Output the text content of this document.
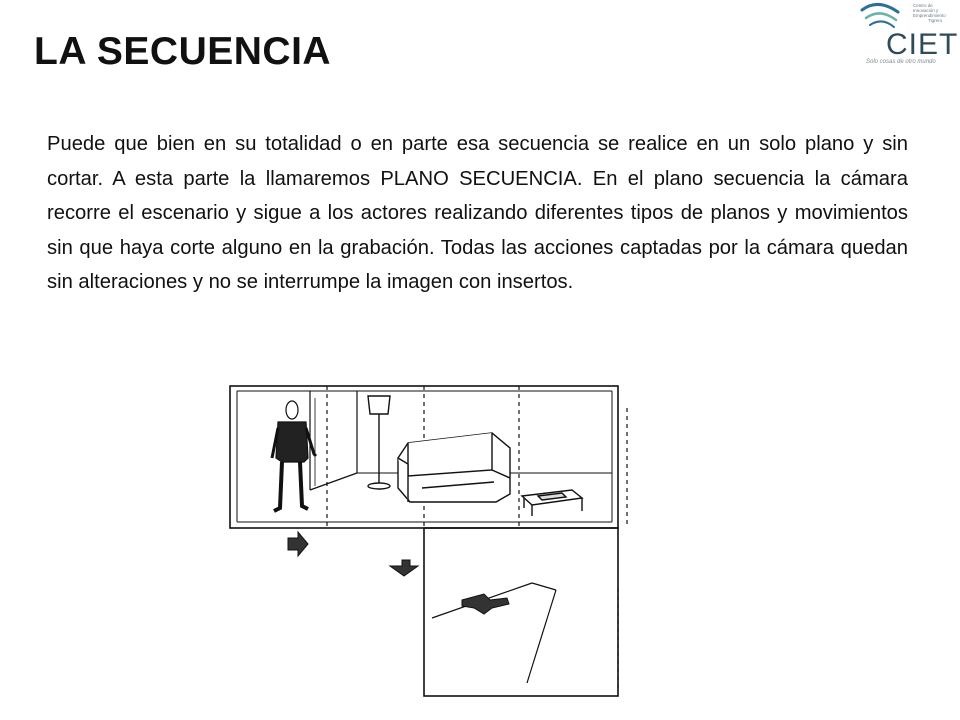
LA SECUENCIA
Centro de
Innovación y
Emprendimiento
Tigrero
CIET
Solo cosas de otro mundo

Puede que bien en su totalidad o en parte esa secuencia se realice en un solo plano y sin cortar. A esta parte la llamaremos PLANO SECUENCIA. En el plano secuencia la cámara recorre el escenario y sigue a los actores realizando diferentes tipos de planos y movimientos sin que haya corte alguno en la grabación. Todas las acciones captadas por la cámara quedan sin alteraciones y no se interrumpe la imagen con insertos.
